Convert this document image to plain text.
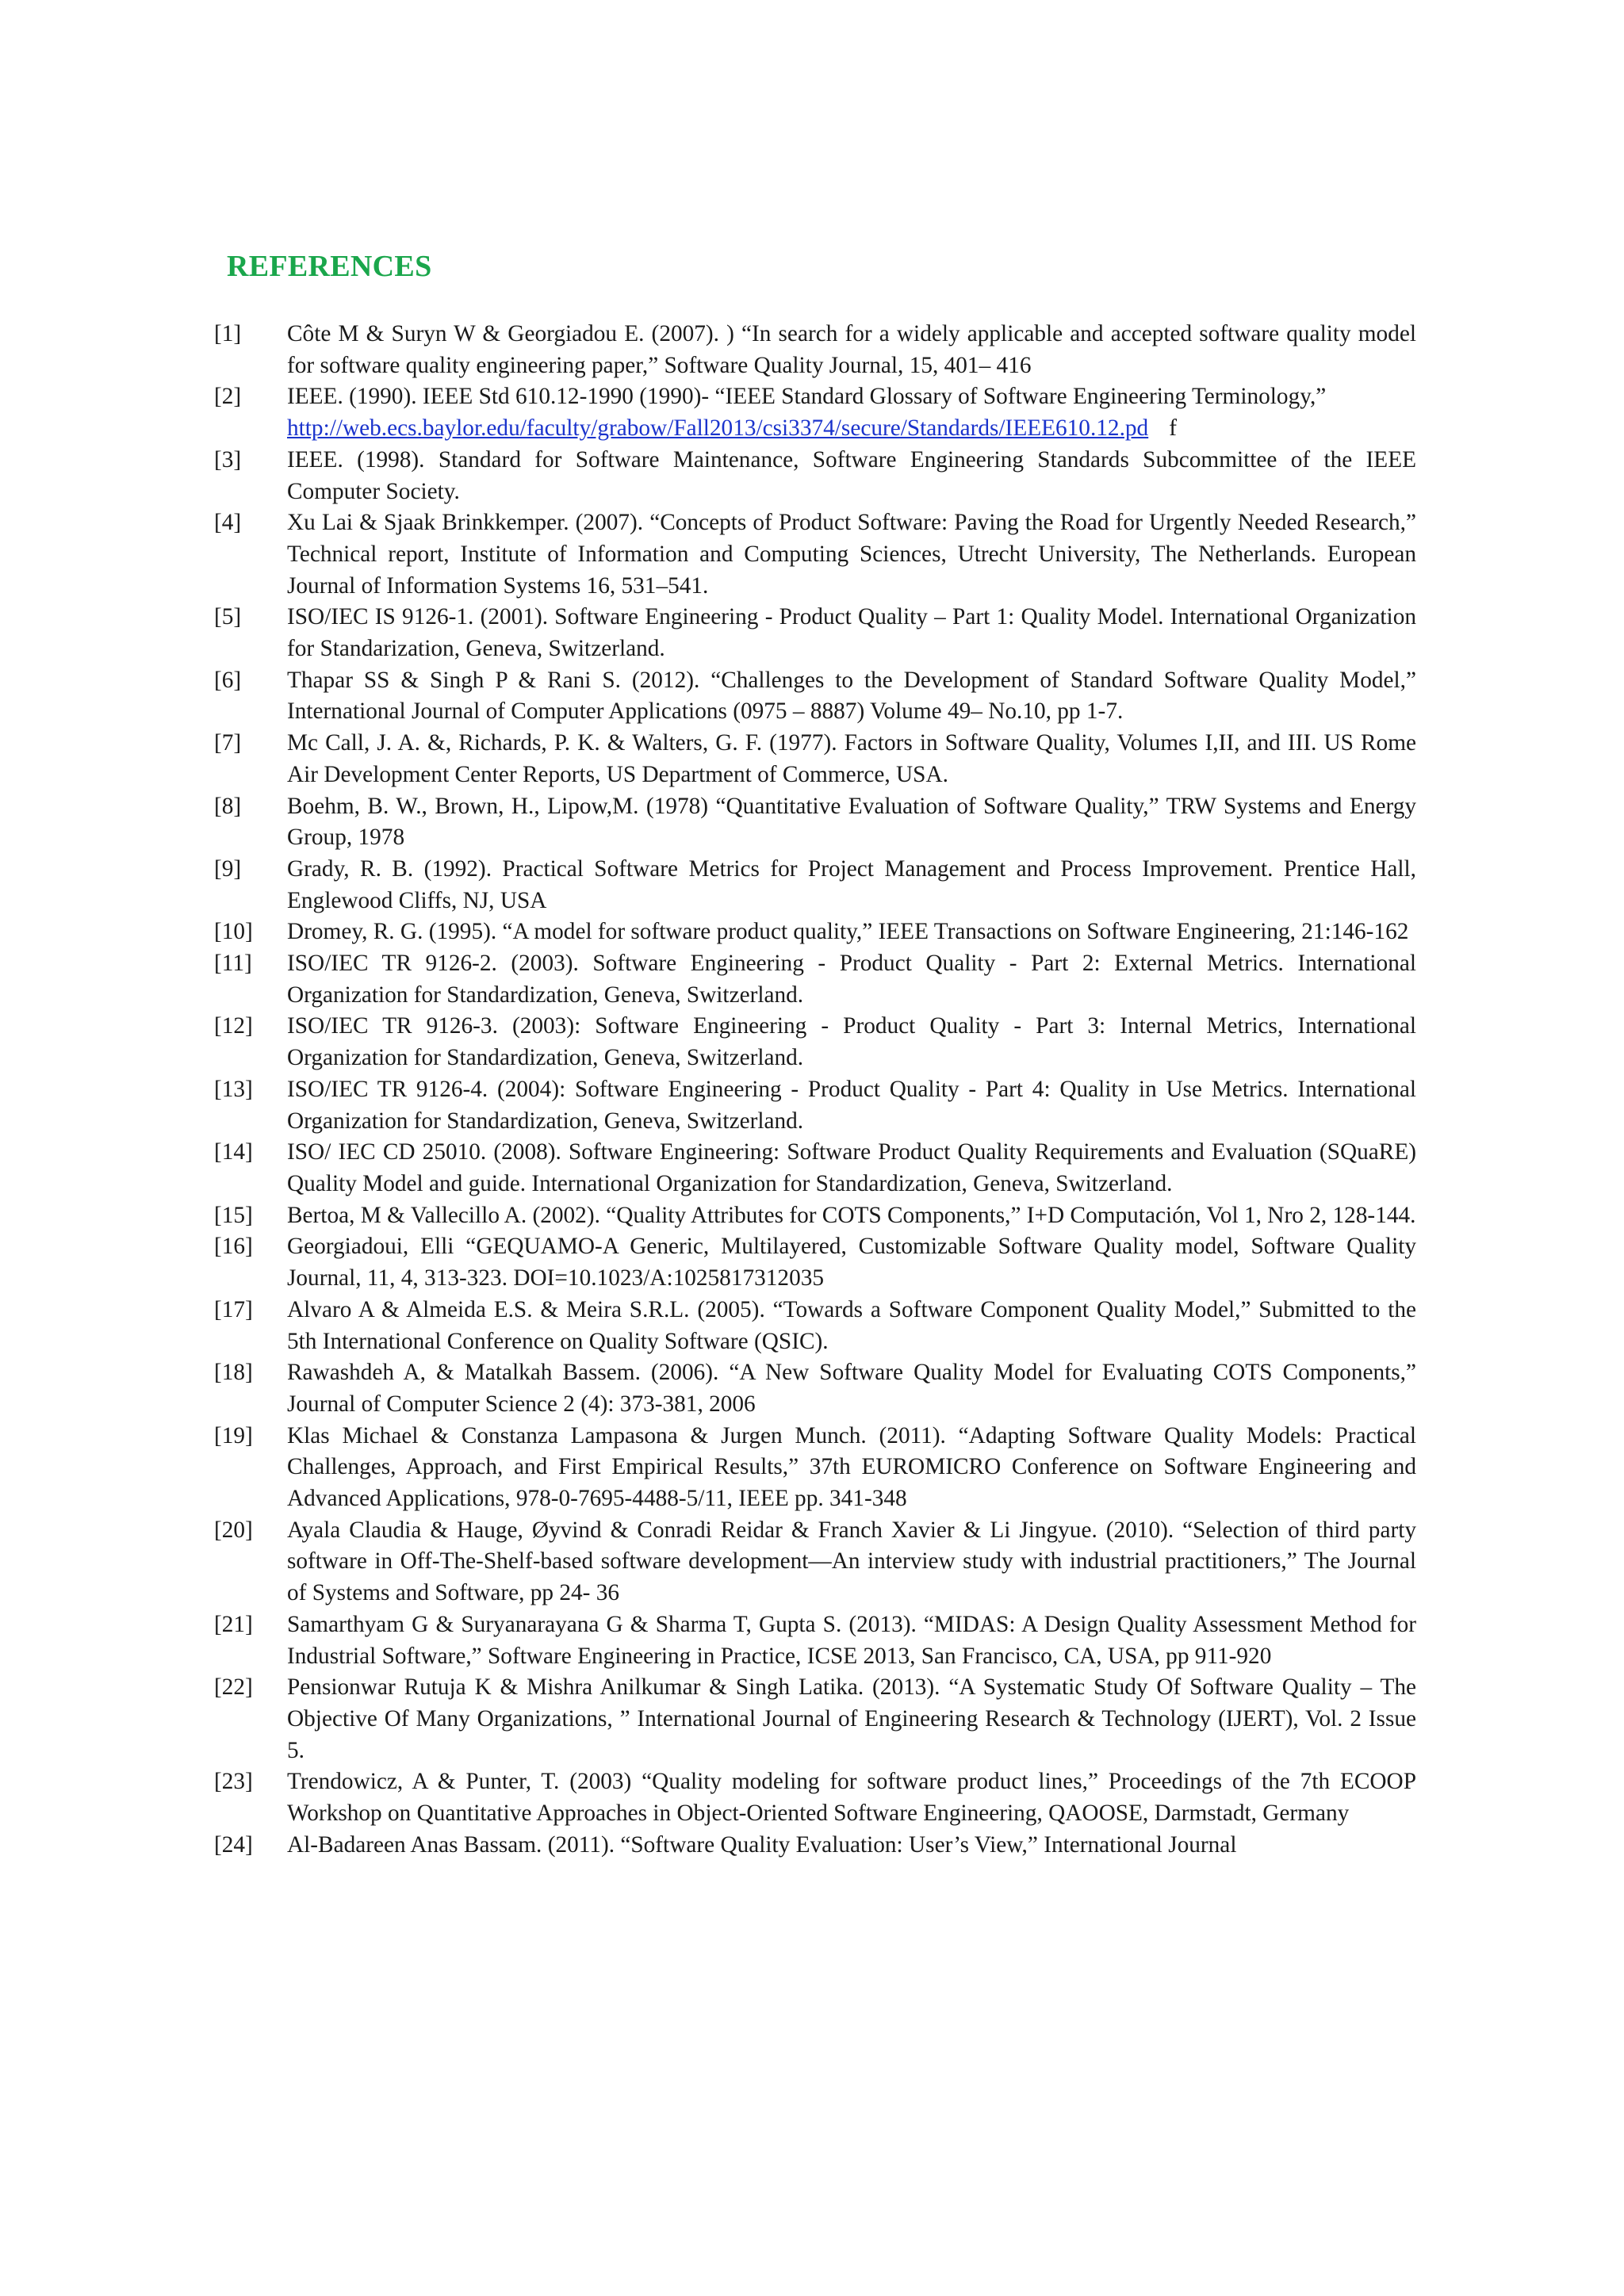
REFERENCES
[1]	Côte M & Suryn W & Georgiadou E. (2007). ) “In search for a widely applicable and accepted software quality model for software quality engineering paper,” Software Quality Journal, 15, 401– 416
[2]	IEEE. (1990). IEEE Std 610.12-1990 (1990)- “IEEE Standard Glossary of Software Engineering Terminology,”
http://web.ecs.baylor.edu/faculty/grabow/Fall2013/csi3374/secure/Standards/IEEE610.12.pd f
[3]	IEEE. (1998). Standard for Software Maintenance, Software Engineering Standards Subcommittee of the IEEE Computer Society.
[4]	Xu Lai & Sjaak Brinkkemper. (2007). “Concepts of Product Software: Paving the Road for Urgently Needed Research,” Technical report, Institute of Information and Computing Sciences, Utrecht University, The Netherlands. European Journal of Information Systems 16, 531–541.
[5]	ISO/IEC IS 9126-1. (2001). Software Engineering - Product Quality – Part 1: Quality Model. International Organization for Standarization, Geneva, Switzerland.
[6]	Thapar SS & Singh P & Rani S. (2012). “Challenges to the Development of Standard Software Quality Model,” International Journal of Computer Applications (0975 – 8887) Volume 49– No.10, pp 1-7.
[7]	Mc Call, J. A. &, Richards, P. K. & Walters, G. F. (1977). Factors in Software Quality, Volumes I,II, and III. US Rome Air Development Center Reports, US Department of Commerce, USA.
[8]	Boehm, B. W., Brown, H., Lipow,M. (1978) “Quantitative Evaluation of Software Quality,” TRW Systems and Energy Group, 1978
[9]	Grady, R. B. (1992). Practical Software Metrics for Project Management and Process Improvement. Prentice Hall, Englewood Cliffs, NJ, USA
[10]	Dromey, R. G. (1995). “A model for software product quality,” IEEE Transactions on Software Engineering, 21:146-162
[11]	ISO/IEC TR 9126-2. (2003). Software Engineering - Product Quality - Part 2: External Metrics. International Organization for Standardization, Geneva, Switzerland.
[12]	ISO/IEC TR 9126-3. (2003): Software Engineering - Product Quality - Part 3: Internal Metrics, International Organization for Standardization, Geneva, Switzerland.
[13]	ISO/IEC TR 9126-4. (2004): Software Engineering - Product Quality - Part 4: Quality in Use Metrics. International Organization for Standardization, Geneva, Switzerland.
[14]	ISO/ IEC CD 25010. (2008). Software Engineering: Software Product Quality Requirements and Evaluation (SQuaRE) Quality Model and guide. International Organization for Standardization, Geneva, Switzerland.
[15]	Bertoa, M & Vallecillo A. (2002). “Quality Attributes for COTS Components,” I+D Computación, Vol 1, Nro 2, 128-144.
[16]	Georgiadoui, Elli “GEQUAMO-A Generic, Multilayered, Customizable Software Quality model, Software Quality Journal, 11, 4, 313-323. DOI=10.1023/A:1025817312035
[17]	Alvaro A & Almeida E.S. & Meira S.R.L. (2005). “Towards a Software Component Quality Model,” Submitted to the 5th International Conference on Quality Software (QSIC).
[18]	Rawashdeh A, & Matalkah Bassem. (2006). “A New Software Quality Model for Evaluating COTS Components,” Journal of Computer Science 2 (4): 373-381, 2006
[19]	Klas Michael & Constanza Lampasona & Jurgen Munch. (2011). “Adapting Software Quality Models: Practical Challenges, Approach, and First Empirical Results,” 37th EUROMICRO Conference on Software Engineering and Advanced Applications, 978-0-7695-4488-5/11, IEEE pp. 341-348
[20]	Ayala Claudia & Hauge, Øyvind & Conradi Reidar & Franch Xavier & Li Jingyue. (2010). “Selection of third party software in Off-The-Shelf-based software development—An interview study with industrial practitioners,” The Journal of Systems and Software, pp 24- 36
[21]	Samarthyam G & Suryanarayana G & Sharma T, Gupta S. (2013). “MIDAS: A Design Quality Assessment Method for Industrial Software,” Software Engineering in Practice, ICSE 2013, San Francisco, CA, USA, pp 911-920
[22]	Pensionwar Rutuja K & Mishra Anilkumar & Singh Latika. (2013). “A Systematic Study Of Software Quality – The Objective Of Many Organizations, ” International Journal of Engineering Research & Technology (IJERT), Vol. 2 Issue 5.
[23]	Trendowicz, A & Punter, T. (2003) “Quality modeling for software product lines,” Proceedings of the 7th ECOOP Workshop on Quantitative Approaches in Object-Oriented Software Engineering, QAOOSE, Darmstadt, Germany
[24]	Al-Badareen Anas Bassam. (2011). “Software Quality Evaluation: User’s View,” International Journal
